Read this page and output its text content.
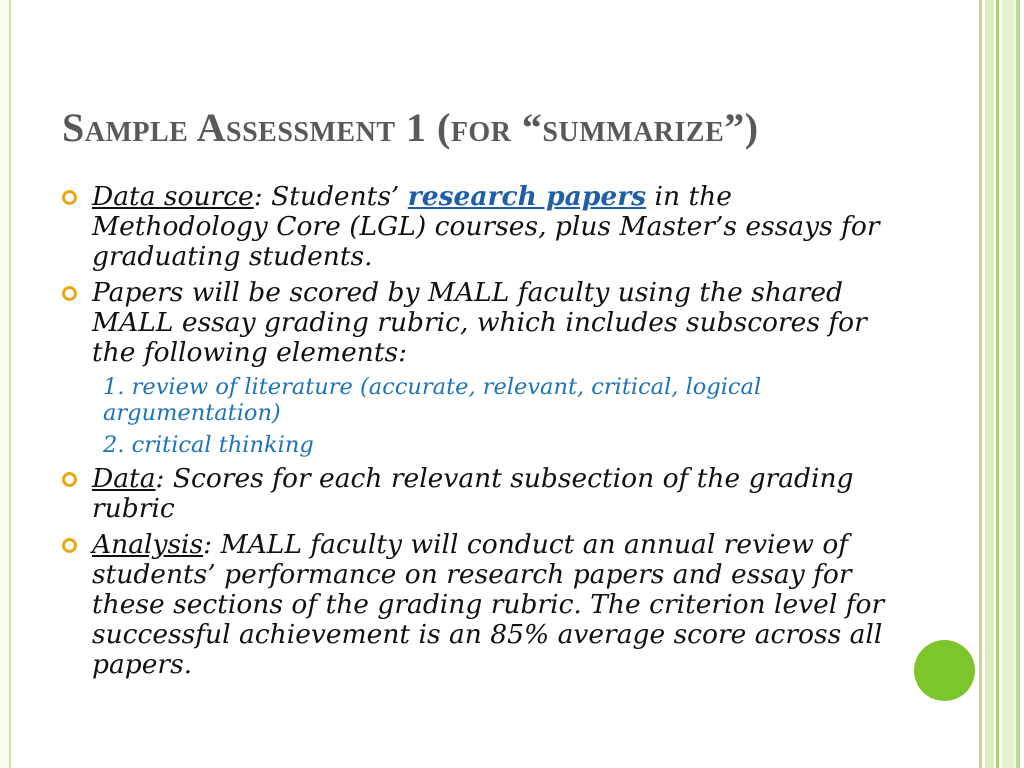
Sample Assessment 1 (for “summarize”)
Data source: Students’ research papers in the Methodology Core (LGL) courses, plus Master’s essays for graduating students.
Papers will be scored by MALL faculty using the shared MALL essay grading rubric, which includes subscores for the following elements:
1. review of literature (accurate, relevant, critical, logical argumentation)
2. critical thinking
Data: Scores for each relevant subsection of the grading rubric
Analysis: MALL faculty will conduct an annual review of students’ performance on research papers and essay for these sections of the grading rubric. The criterion level for successful achievement is an 85% average score across all papers.
